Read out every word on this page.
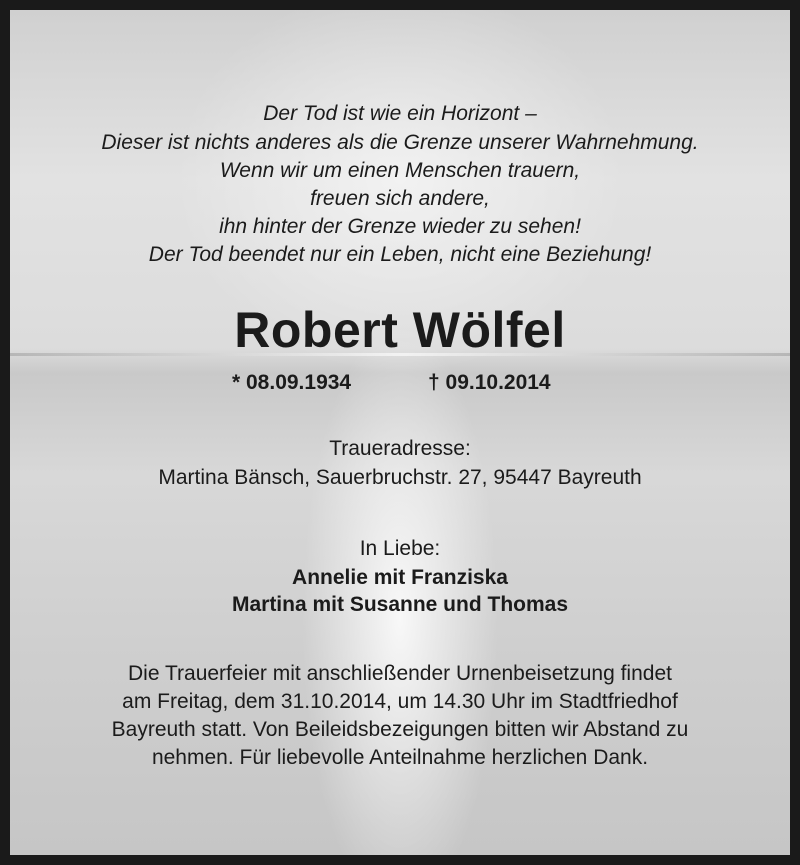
Der Tod ist wie ein Horizont –
Dieser ist nichts anderes als die Grenze unserer Wahrnehmung.
Wenn wir um einen Menschen trauern,
freuen sich andere,
ihn hinter der Grenze wieder zu sehen!
Der Tod beendet nur ein Leben, nicht eine Beziehung!
Robert Wölfel
* 08.09.1934	† 09.10.2014
Traueradresse:
Martina Bänsch, Sauerbruchstr. 27, 95447 Bayreuth
In Liebe:
Annelie mit Franziska
Martina mit Susanne und Thomas
Die Trauerfeier mit anschließender Urnenbeisetzung findet
am Freitag, dem 31.10.2014, um 14.30 Uhr im Stadtfriedhof
Bayreuth statt. Von Beileidsbezeigungen bitten wir Abstand zu
nehmen. Für liebevolle Anteilnahme herzlichen Dank.
